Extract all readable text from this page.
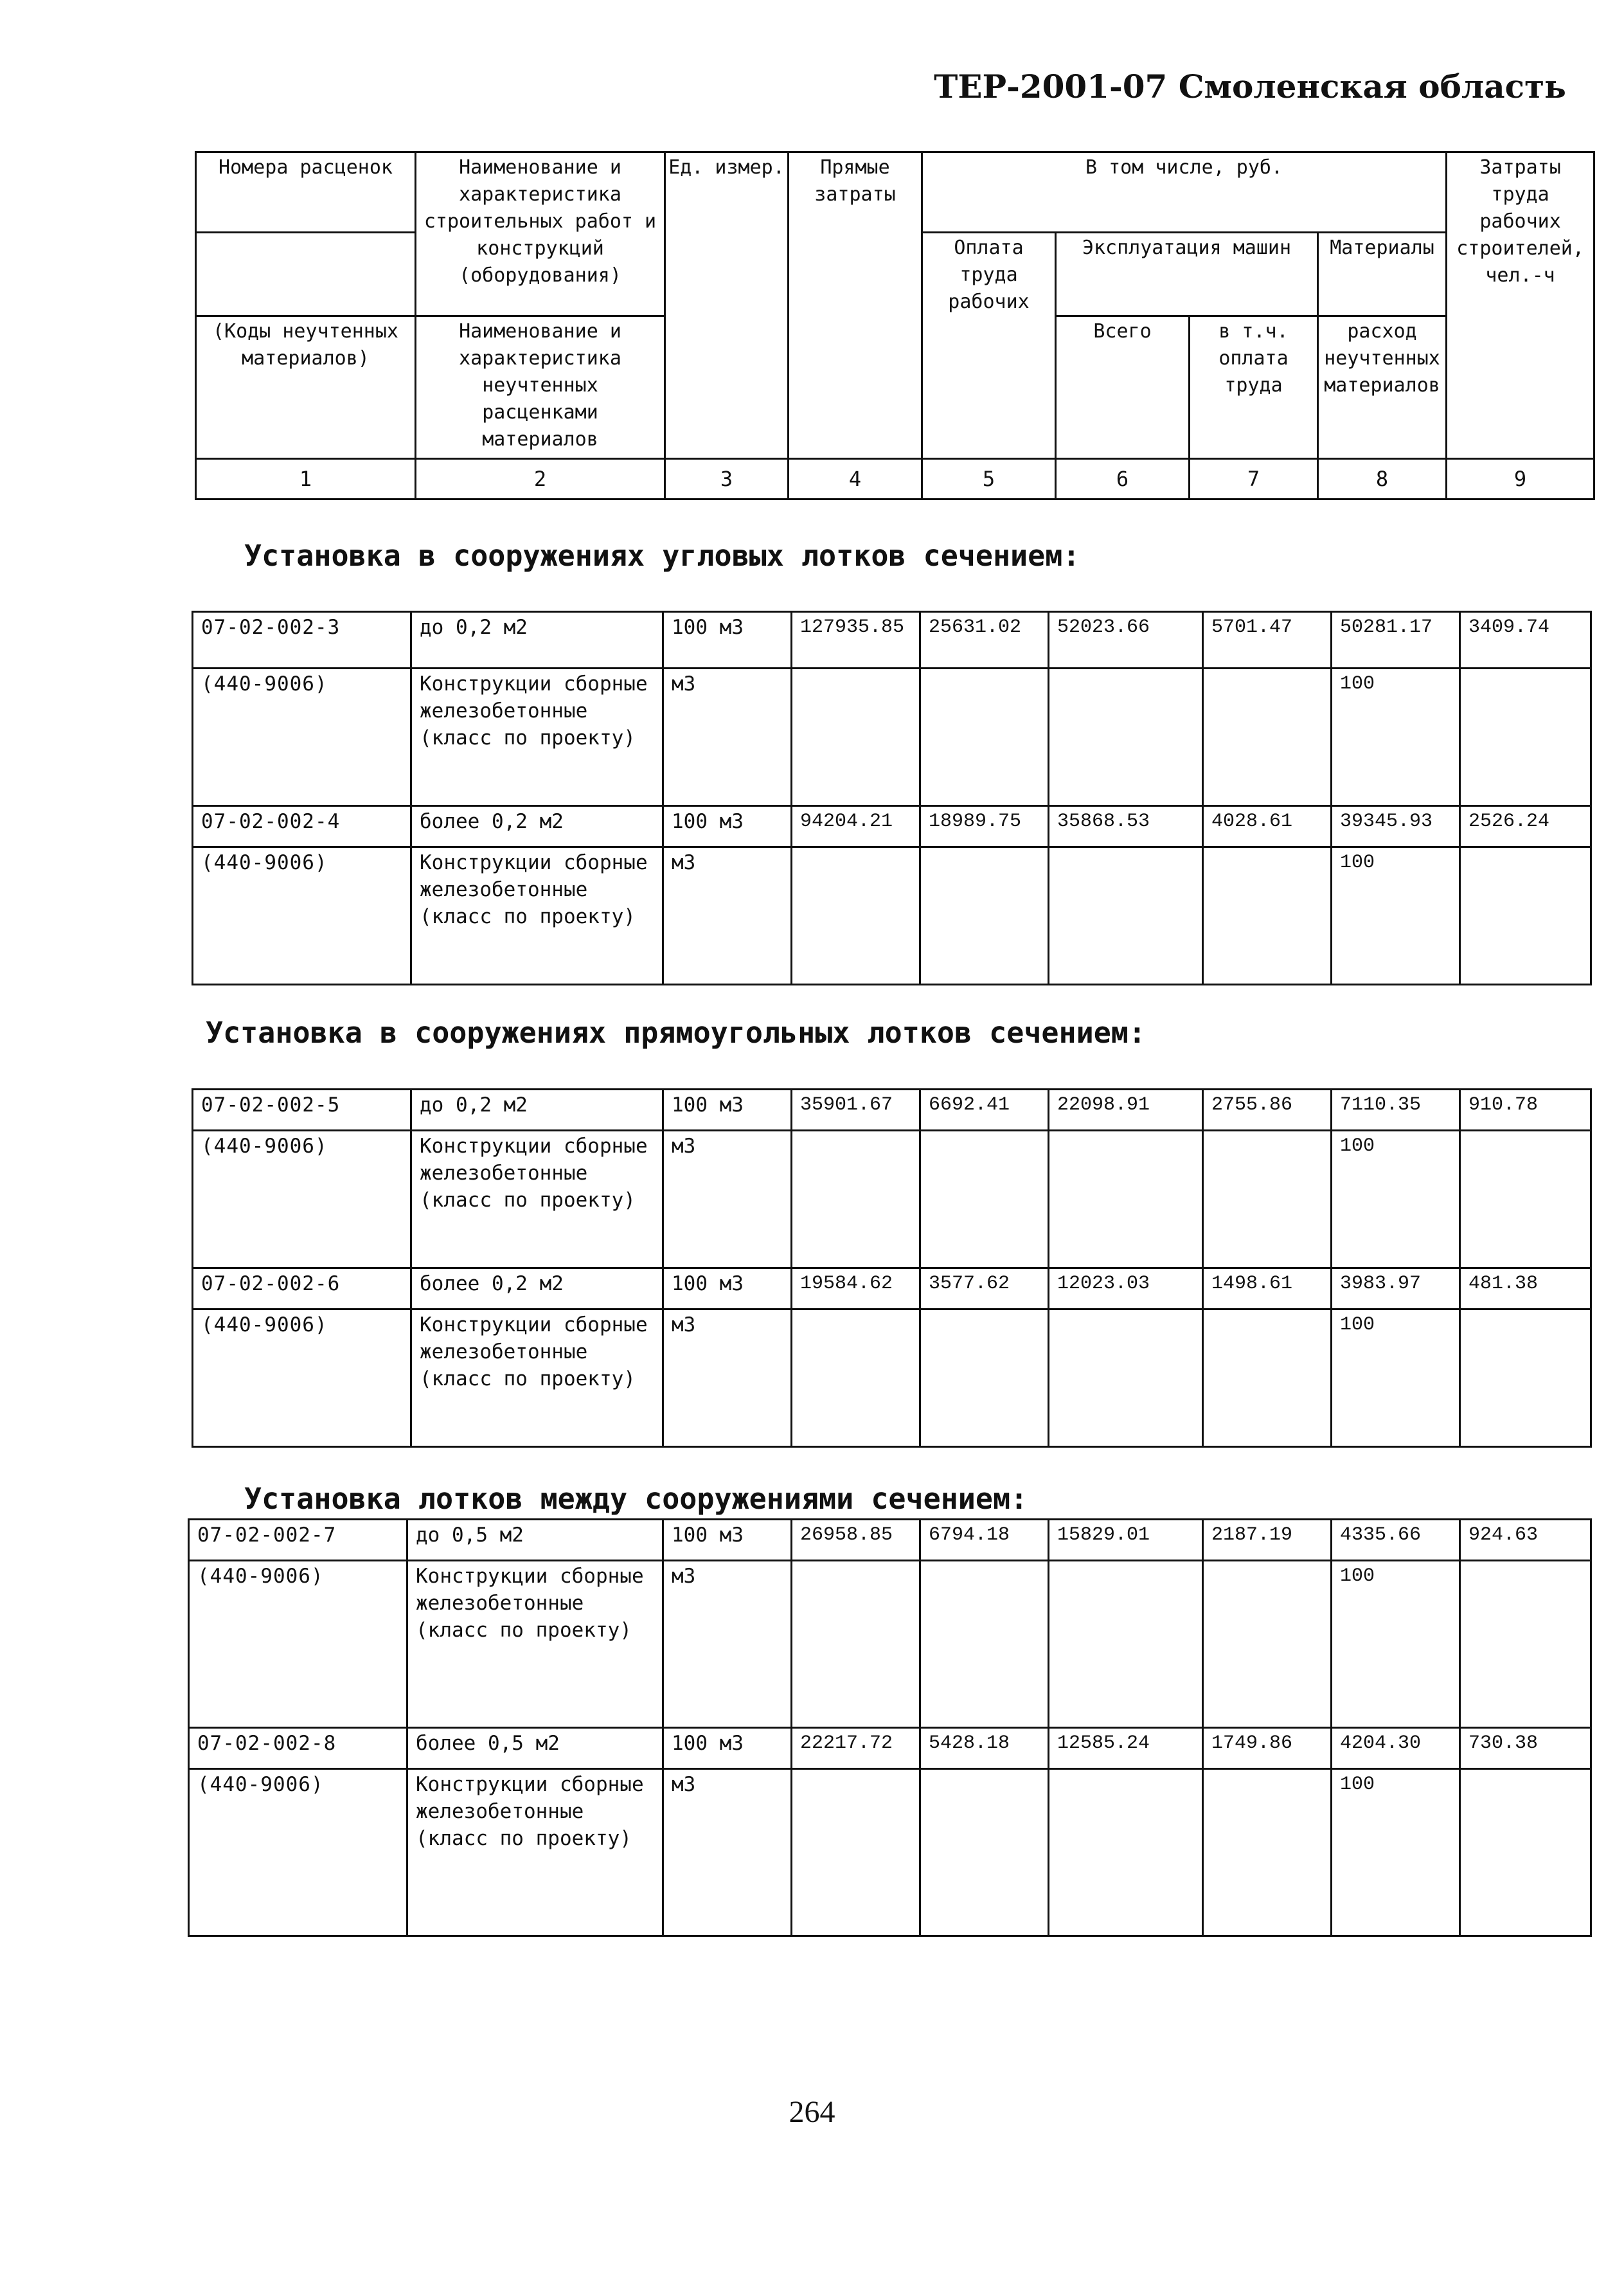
ТЕР-2001-07 Смоленская область
Номера расценок	Наименование и характеристика строительных работ и конструкций (оборудования)	Ед. измер.	Прямые затраты	В том числе, руб.				Затраты труда рабочих строителей, чел.-ч
				Оплата труда рабочих	Эксплуатация машин		Материалы	
(Коды неучтенных материалов)	Наименование и характеристика неучтенных расценками материалов				Всего	в т.ч. оплата труда	расход неучтенных материалов	

1	2	3	4	5	6	7	8	9
Установка в сооружениях угловых лотков сечением:
07-02-002-3	до 0,2 м2	100 м3	127935.85	25631.02	52023.66	5701.47	50281.17	3409.74
(440-9006)	Конструкции сборные железобетонные (класс по проекту)	м3					100	
07-02-002-4	более 0,2 м2	100 м3	94204.21	18989.75	35868.53	4028.61	39345.93	2526.24
(440-9006)	Конструкции сборные железобетонные (класс по проекту)	м3					100	
Установка в сооружениях прямоугольных лотков сечением:
07-02-002-5	до 0,2 м2	100 м3	35901.67	6692.41	22098.91	2755.86	7110.35	910.78
(440-9006)	Конструкции сборные железобетонные (класс по проекту)	м3					100	
07-02-002-6	более 0,2 м2	100 м3	19584.62	3577.62	12023.03	1498.61	3983.97	481.38
(440-9006)	Конструкции сборные железобетонные (класс по проекту)	м3					100	
Установка лотков между сооружениями сечением:
07-02-002-7	до 0,5 м2	100 м3	26958.85	6794.18	15829.01	2187.19	4335.66	924.63
(440-9006)	Конструкции сборные железобетонные (класс по проекту)	м3					100	
07-02-002-8	более 0,5 м2	100 м3	22217.72	5428.18	12585.24	1749.86	4204.30	730.38
(440-9006)	Конструкции сборные железобетонные (класс по проекту)	м3					100	
264
